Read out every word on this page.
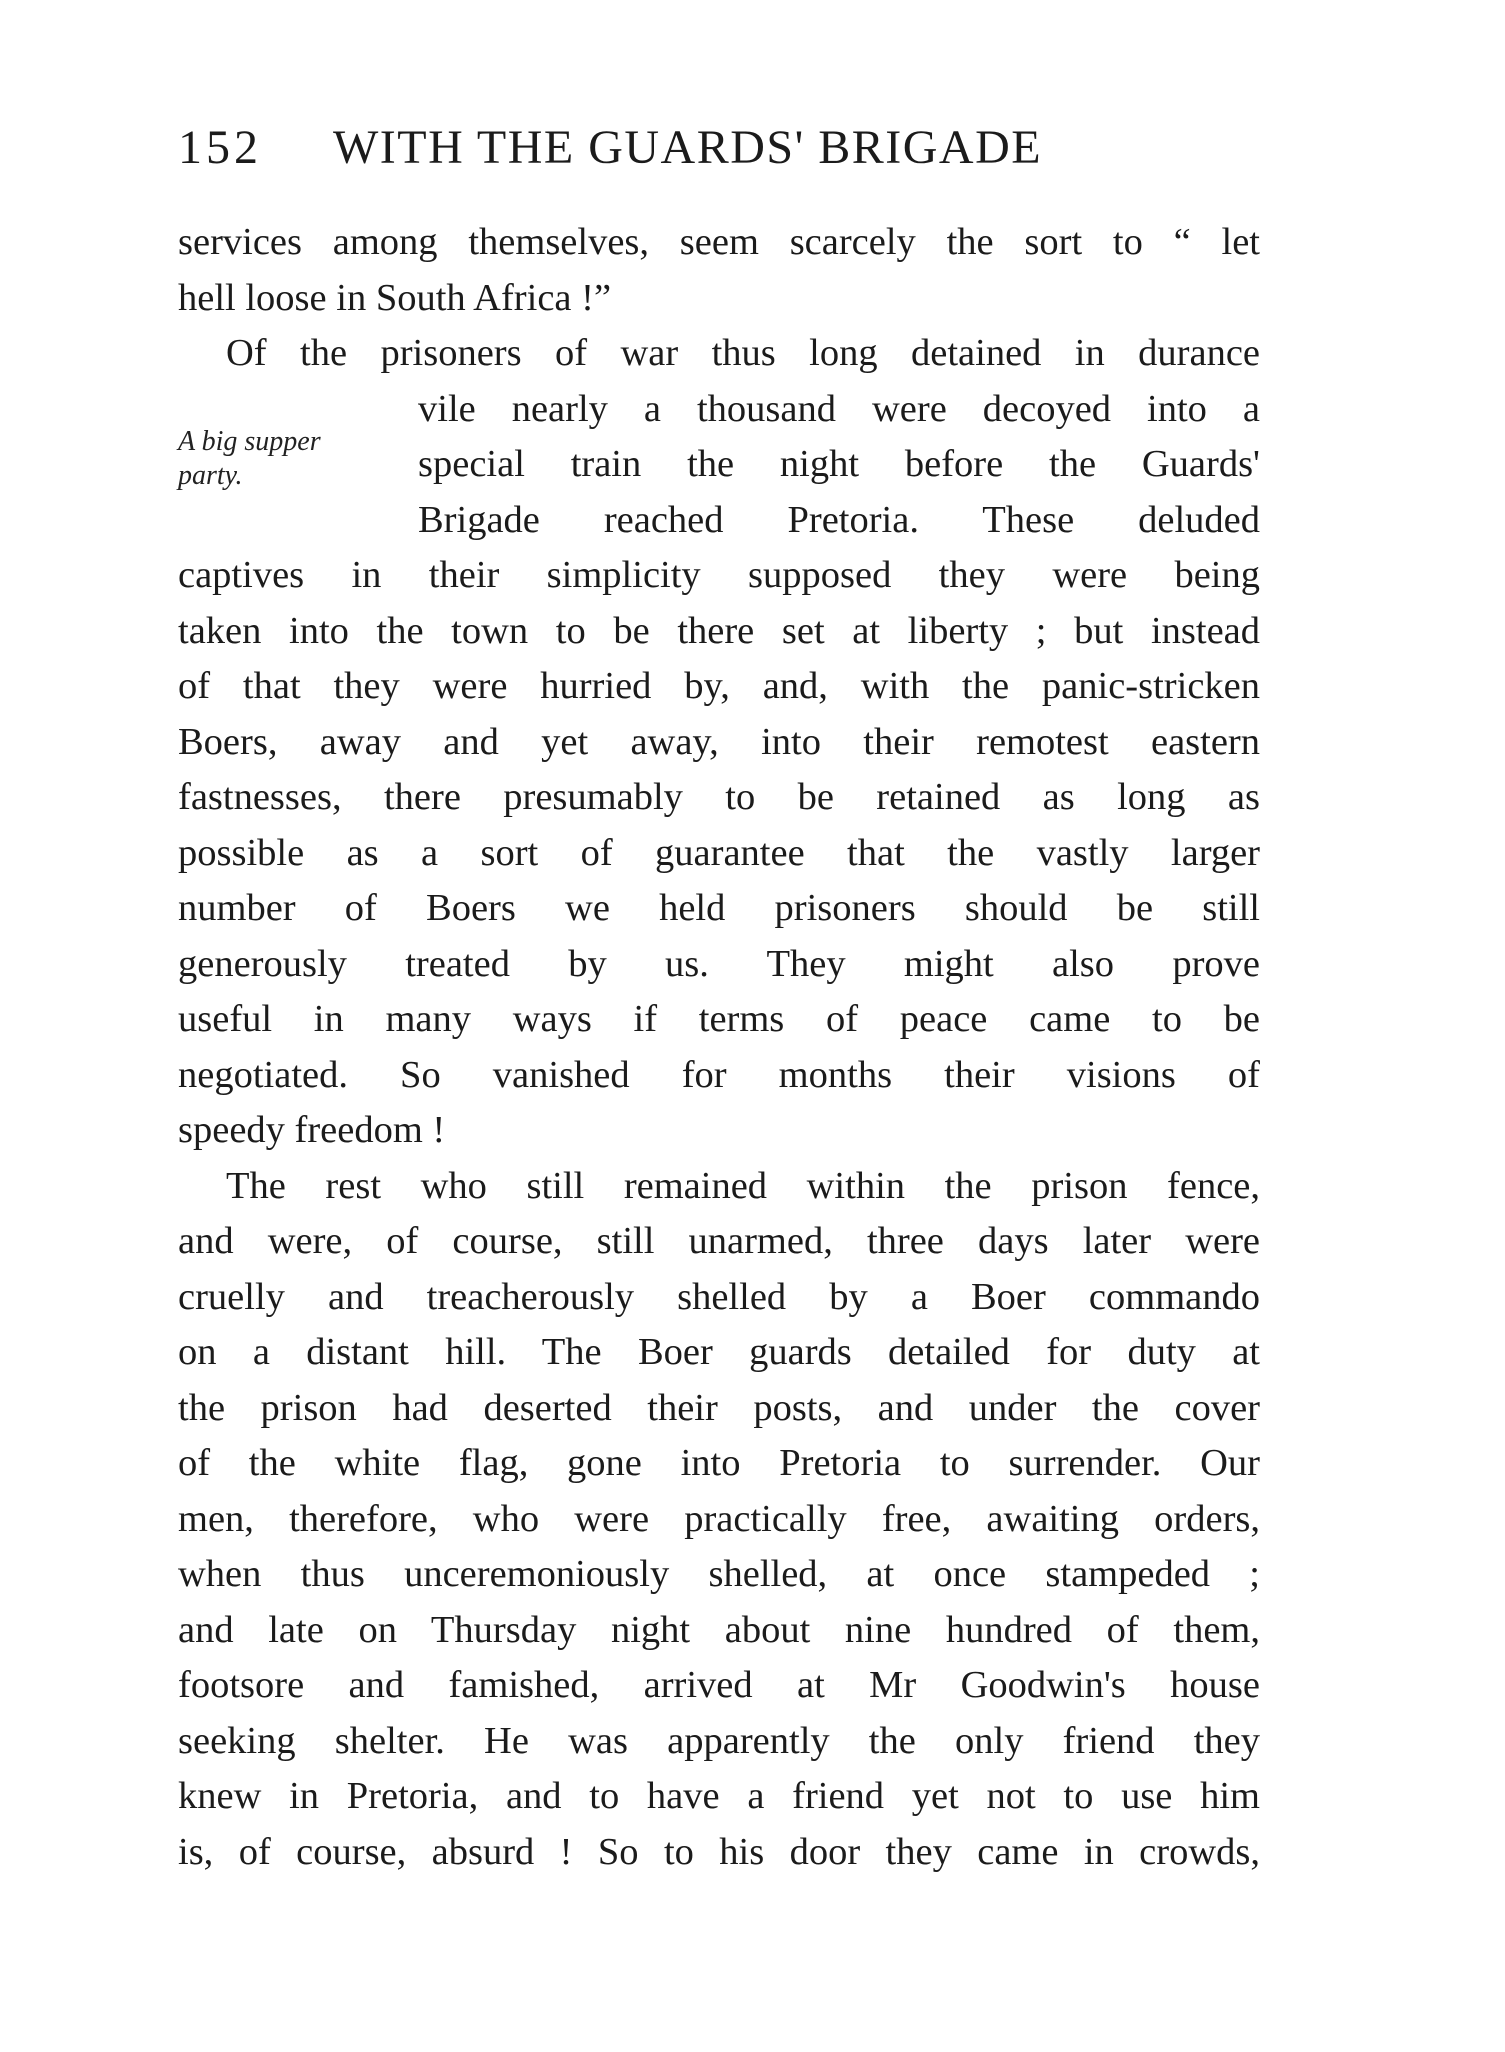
152 WITH THE GUARDS' BRIGADE
A big supper
party.
services among themselves, seem scarcely the sort to “ let
hell loose in South Africa !”
Of the prisoners of war thus long detained in durance
vile nearly a thousand were decoyed into a
special train the night before the Guards'
Brigade reached Pretoria. These deluded
captives in their simplicity supposed they were being
taken into the town to be there set at liberty ; but instead
of that they were hurried by, and, with the panic-stricken
Boers, away and yet away, into their remotest eastern
fastnesses, there presumably to be retained as long as
possible as a sort of guarantee that the vastly larger
number of Boers we held prisoners should be still
generously treated by us. They might also prove
useful in many ways if terms of peace came to be
negotiated. So vanished for months their visions of
speedy freedom !
The rest who still remained within the prison fence,
and were, of course, still unarmed, three days later were
cruelly and treacherously shelled by a Boer commando
on a distant hill. The Boer guards detailed for duty at
the prison had deserted their posts, and under the cover
of the white flag, gone into Pretoria to surrender. Our
men, therefore, who were practically free, awaiting orders,
when thus unceremoniously shelled, at once stampeded ;
and late on Thursday night about nine hundred of them,
footsore and famished, arrived at Mr Goodwin's house
seeking shelter. He was apparently the only friend they
knew in Pretoria, and to have a friend yet not to use him
is, of course, absurd ! So to his door they came in crowds,
